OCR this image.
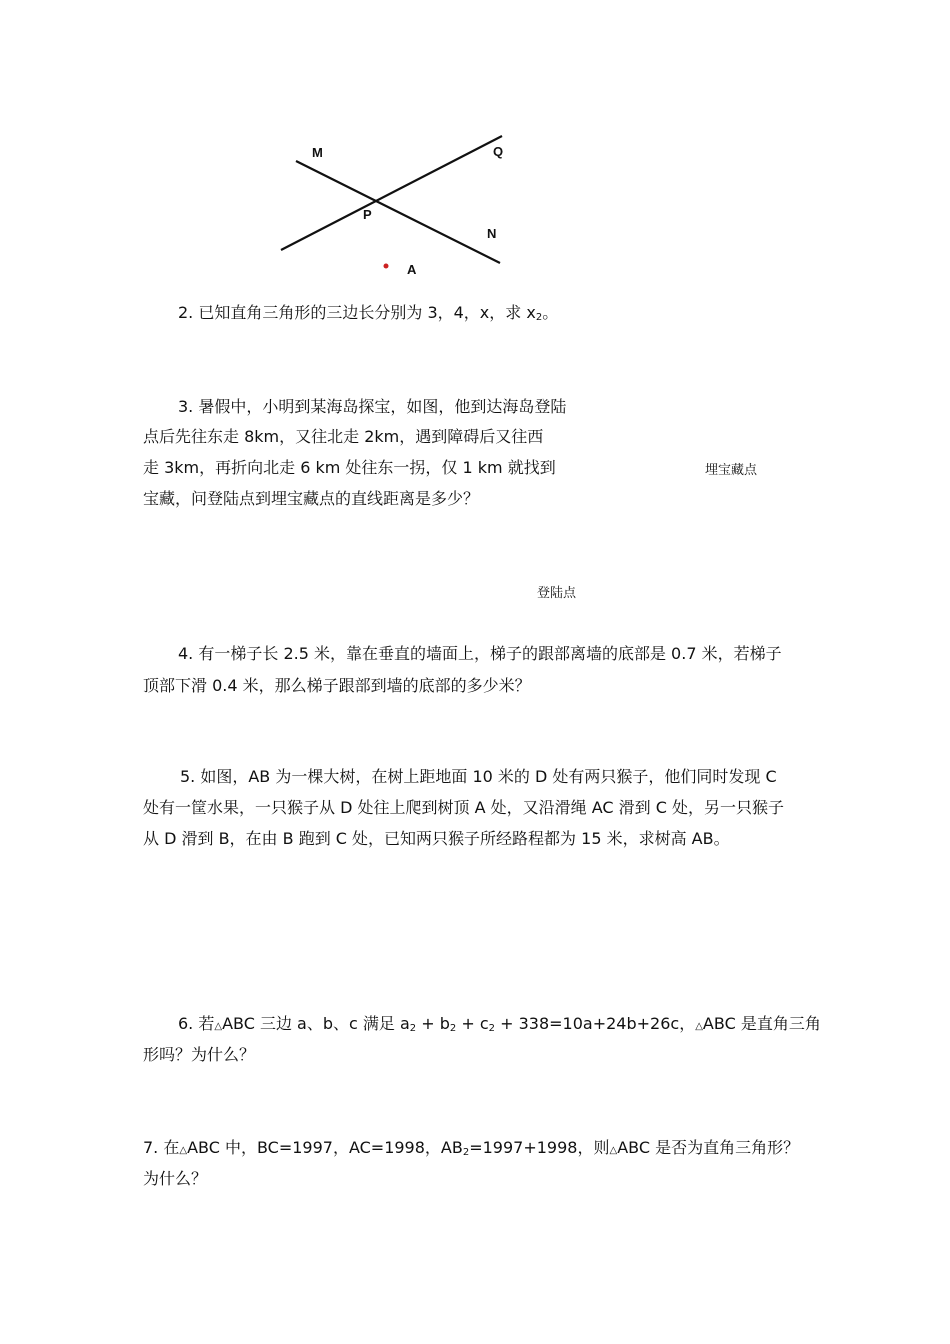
M	Q
P
N
A
2. 已知直角三角形的三边长分别为 3，4，x，求 $x_2$。
3. 暑假中，小明到某海岛探宝，如图，他到达海岛登陆
点后先往东走 8km，又往北走 2km，遇到障碍后又往西
走 3km，再折向北走 6 km 处往东一拐，仅 1 km 就找到
宝藏，问登陆点到埋宝藏点的直线距离是多少？
埋宝藏点
登陆点
4. 有一梯子长 2.5 米，靠在垂直的墙面上，梯子的跟部离墙的底部是 0.7 米，若梯子
顶部下滑 0.4 米，那么梯子跟部到墙的底部的多少米？
5. 如图，AB 为一棵大树，在树上距地面 10 米的 D 处有两只猴子，他们同时发现 C
处有一筐水果，一只猴子从 D 处往上爬到树顶 A 处，又沿滑绳 AC 滑到 C 处，另一只猴子
从 D 滑到 B，在由 B 跑到 C 处，已知两只猴子所经路程都为 15 米，求树高 AB。
6. 若△ABC 三边 a、b、c 满足 $a_2 + b_2 + c_2 + 338=10a+24b+26c$，△ABC 是直角三角
形吗？为什么？
7. 在△ABC 中，BC=1997，AC=1998，$AB_2=1997+1998$，则△ABC 是否为直角三角形？
为什么？
